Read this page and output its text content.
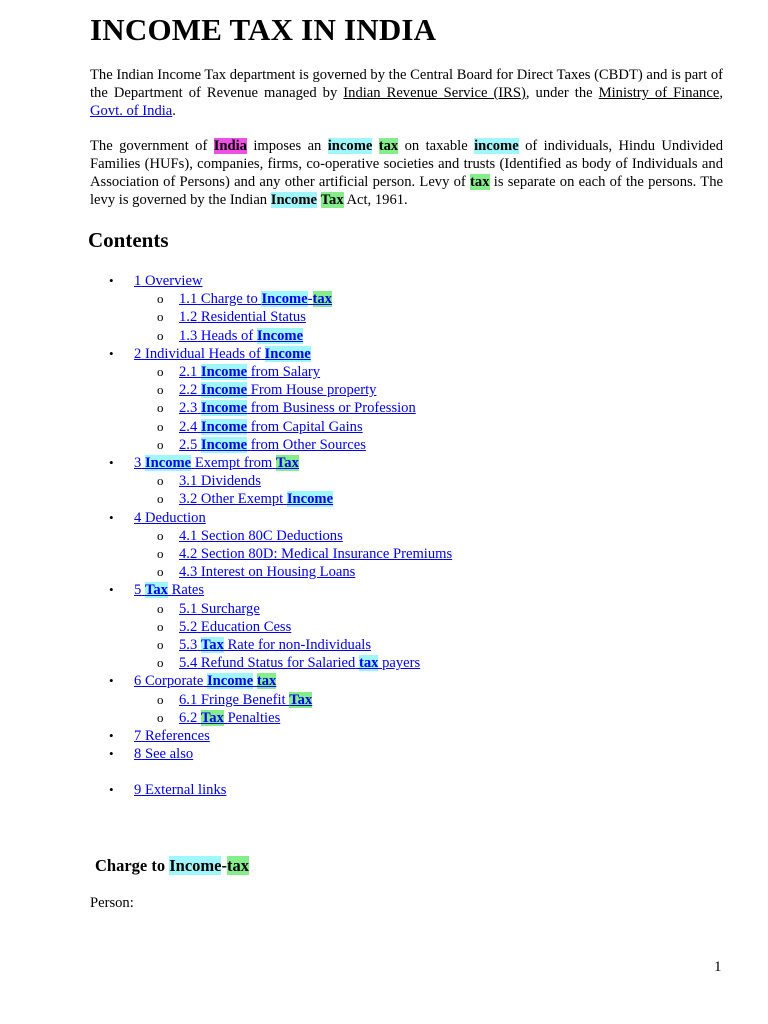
INCOME TAX IN INDIA

The Indian Income Tax department is governed by the Central Board for Direct Taxes (CBDT) and is part of the Department of Revenue managed by Indian Revenue Service (IRS), under the Ministry of Finance, Govt. of India.

The government of India imposes an income tax on taxable income of individuals, Hindu Undivided Families (HUFs), companies, firms, co-operative societies and trusts (Identified as body of Individuals and Association of Persons) and any other artificial person. Levy of tax is separate on each of the persons. The levy is governed by the Indian Income Tax Act, 1961.

Contents
• 1 Overview
o 1.1 Charge to Income-tax
o 1.2 Residential Status
o 1.3 Heads of Income
• 2 Individual Heads of Income
o 2.1 Income from Salary
o 2.2 Income From House property
o 2.3 Income from Business or Profession
o 2.4 Income from Capital Gains
o 2.5 Income from Other Sources
• 3 Income Exempt from Tax
o 3.1 Dividends
o 3.2 Other Exempt Income
• 4 Deduction
o 4.1 Section 80C Deductions
o 4.2 Section 80D: Medical Insurance Premiums
o 4.3 Interest on Housing Loans
• 5 Tax Rates
o 5.1 Surcharge
o 5.2 Education Cess
o 5.3 Tax Rate for non-Individuals
o 5.4 Refund Status for Salaried tax payers
• 6 Corporate Income tax
o 6.1 Fringe Benefit Tax
o 6.2 Tax Penalties
• 7 References
• 8 See also
• 9 External links
Charge to Income-tax

Person:

1
